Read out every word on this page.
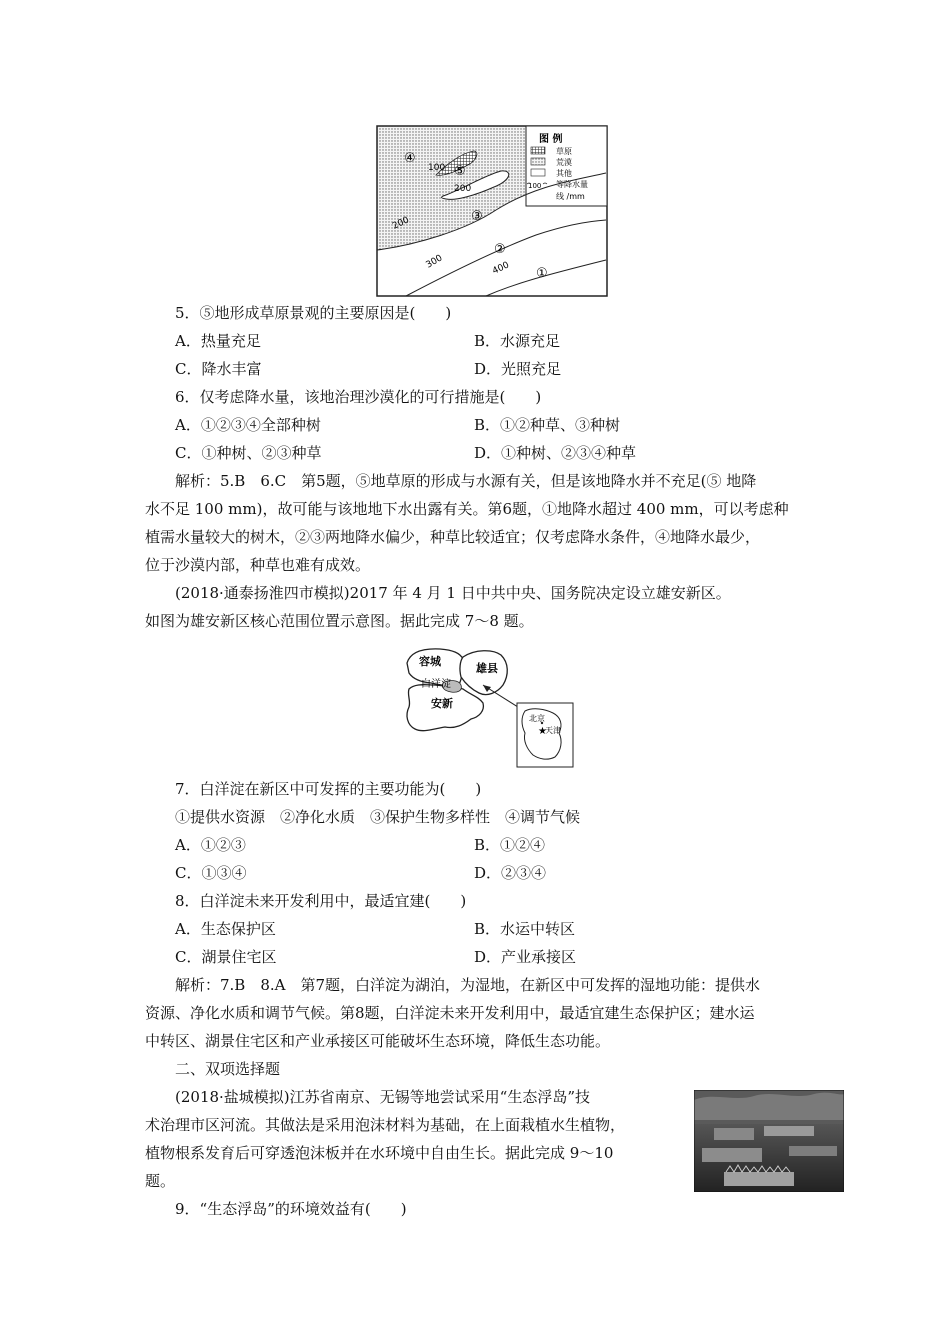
图 例
草原
荒漠
其他
100 等降水量
线 /mm
100
200
200
300	400 ①
②
③
④
⑤
5．⑤地形成草原景观的主要原因是(　　)
A．热量充足	B．水源充足
C．降水丰富	D．光照充足
6．仅考虑降水量，该地治理沙漠化的可行措施是(　　)
A．①②③④全部种树	B．①②种草、③种树
C．①种树、②③种草	D．①种树、②③④种草
解析：5.B　6.C　第5题，⑤地草原的形成与水源有关，但是该地降水并不充足(⑤ 地降
水不足 100 mm)，故可能与该地地下水出露有关。第6题，①地降水超过 400 mm，可以考虑种
植需水量较大的树木，②③两地降水偏少，种草比较适宜；仅考虑降水条件，④地降水最少，
位于沙漠内部，种草也难有成效。
(2018·通泰扬淮四市模拟)2017 年 4 月 1 日中共中央、国务院决定设立雄安新区。
如图为雄安新区核心范围位置示意图。据此完成 7～8 题。
容城
雄县
白洋淀
安新
北京
★
天津
7．白洋淀在新区中可发挥的主要功能为(　　)
①提供水资源　②净化水质　③保护生物多样性　④调节气候
A．①②③	B．①②④
C．①③④	D．②③④
8．白洋淀未来开发利用中，最适宜建(　　)
A．生态保护区	B．水运中转区
C．湖景住宅区	D．产业承接区
解析：7.B　8.A　第7题，白洋淀为湖泊，为湿地，在新区中可发挥的湿地功能：提供水
资源、净化水质和调节气候。第8题，白洋淀未来开发利用中，最适宜建生态保护区；建水运
中转区、湖景住宅区和产业承接区可能破坏生态环境，降低生态功能。
二、双项选择题
(2018·盐城模拟)江苏省南京、无锡等地尝试采用“生态浮岛”技
术治理市区河流。其做法是采用泡沫材料为基础，在上面栽植水生植物，
植物根系发育后可穿透泡沫板并在水环境中自由生长。据此完成 9～10
题。
9．“生态浮岛”的环境效益有(　　)
